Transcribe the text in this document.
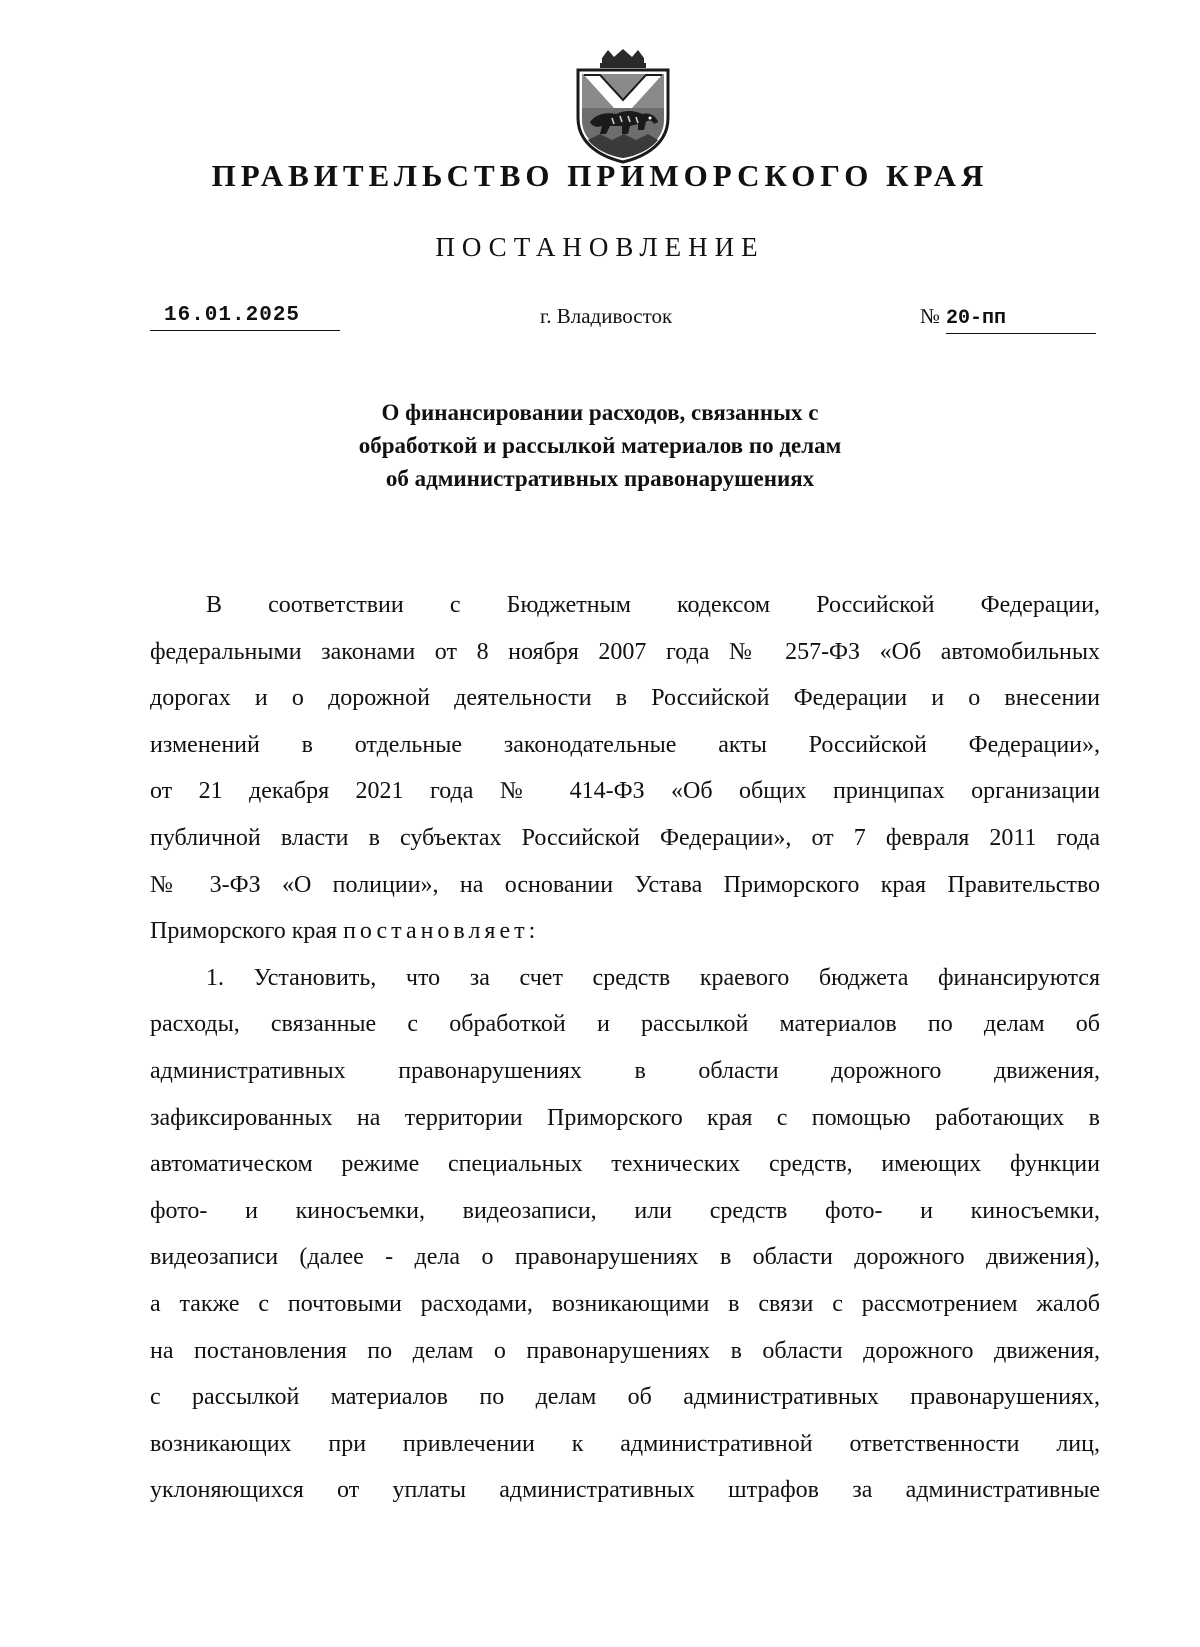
ПРАВИТЕЛЬСТВО ПРИМОРСКОГО КРАЯ
ПОСТАНОВЛЕНИЕ
16.01.2025	г. Владивосток	№ 20-пп
О финансировании расходов, связанных с
обработкой и рассылкой материалов по делам
об административных правонарушениях
В соответствии с Бюджетным кодексом Российской Федерации,
федеральными законами от 8 ноября 2007 года № 257-ФЗ «Об автомобильных
дорогах и о дорожной деятельности в Российской Федерации и о внесении
изменений в отдельные законодательные акты Российской Федерации»,
от 21 декабря 2021 года № 414-ФЗ «Об общих принципах организации
публичной власти в субъектах Российской Федерации», от 7 февраля 2011 года
№ 3-ФЗ «О полиции», на основании Устава Приморского края Правительство
Приморского края постановляет:
1. Установить, что за счет средств краевого бюджета финансируются
расходы, связанные с обработкой и рассылкой материалов по делам об
административных правонарушениях в области дорожного движения,
зафиксированных на территории Приморского края с помощью работающих в
автоматическом режиме специальных технических средств, имеющих функции
фото- и киносъемки, видеозаписи, или средств фото- и киносъемки,
видеозаписи (далее - дела о правонарушениях в области дорожного движения),
а также с почтовыми расходами, возникающими в связи с рассмотрением жалоб
на постановления по делам о правонарушениях в области дорожного движения,
с рассылкой материалов по делам об административных правонарушениях,
возникающих при привлечении к административной ответственности лиц,
уклоняющихся от уплаты административных штрафов за административные
